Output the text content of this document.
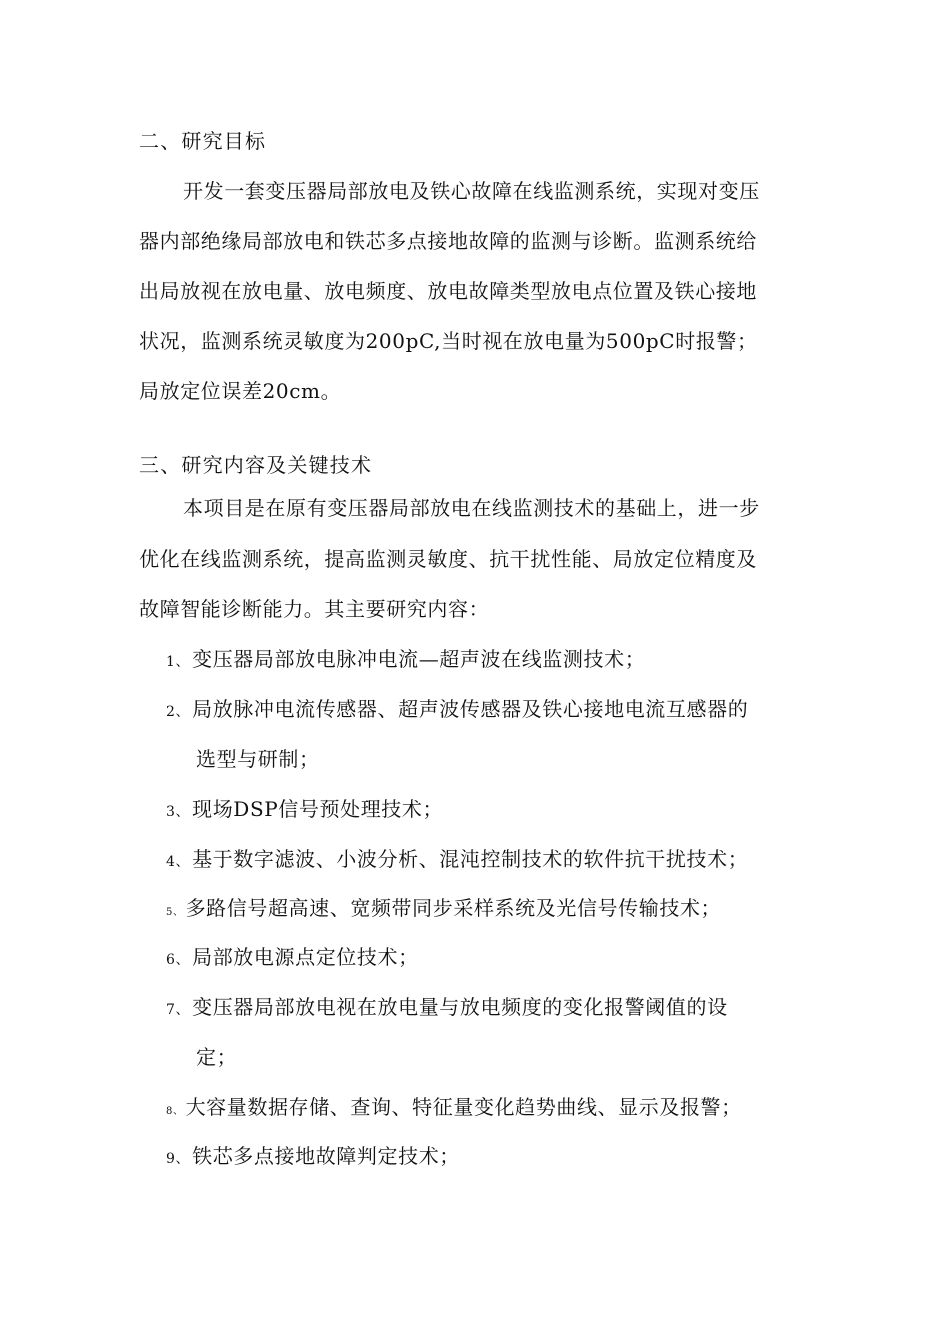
二、研究目标
开发一套变压器局部放电及铁心故障在线监测系统，实现对变压
器内部绝缘局部放电和铁芯多点接地故障的监测与诊断。监测系统给
出局放视在放电量、放电频度、放电故障类型放电点位置及铁心接地
状况，监测系统灵敏度为200pC,当时视在放电量为500pC时报警；
局放定位误差20cm。
三、研究内容及关键技术
本项目是在原有变压器局部放电在线监测技术的基础上，进一步
优化在线监测系统，提高监测灵敏度、抗干扰性能、局放定位精度及
故障智能诊断能力。其主要研究内容：
1、 变压器局部放电脉冲电流—超声波在线监测技术；
2、 局放脉冲电流传感器、超声波传感器及铁心接地电流互感器的
选型与研制；
3、 现场DSP信号预处理技术；
4、 基于数字滤波、小波分析、混沌控制技术的软件抗干扰技术；
5、 多路信号超高速、宽频带同步采样系统及光信号传输技术；
6、 局部放电源点定位技术；
7、 变压器局部放电视在放电量与放电频度的变化报警阈值的设
定；
8、 大容量数据存储、查询、特征量变化趋势曲线、显示及报警；
9、 铁芯多点接地故障判定技术；
